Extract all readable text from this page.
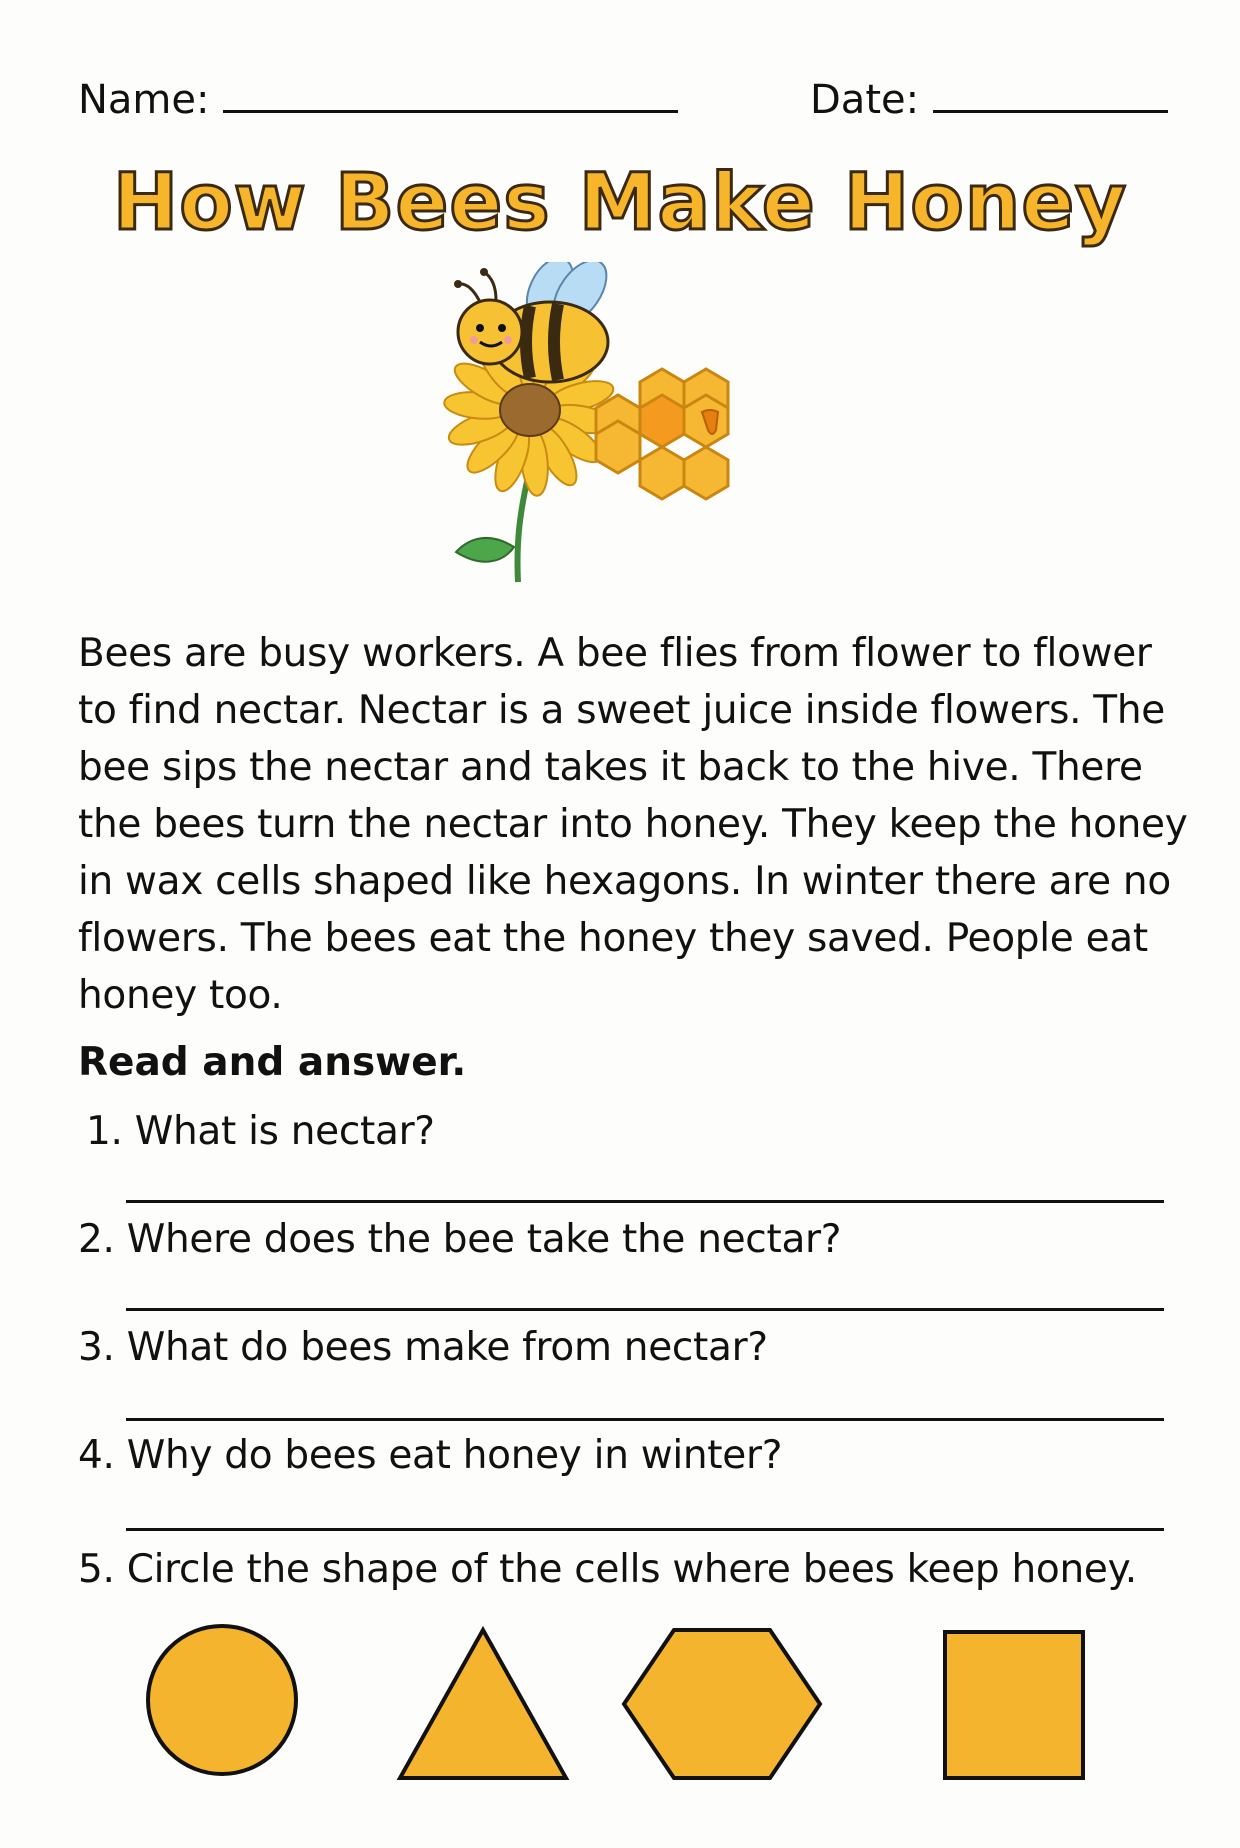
Name:	Date:
How Bees Make Honey

Bees are busy workers. A bee flies from flower to flower to find nectar. Nectar is a sweet juice inside flowers. The bee sips the nectar and takes it back to the hive. There the bees turn the nectar into honey. They keep the honey in wax cells shaped like hexagons. In winter there are no flowers. The bees eat the honey they saved. People eat honey too.

Read and answer.

1. What is nectar?

2. Where does the bee take the nectar?

3. What do bees make from nectar?

4. Why do bees eat honey in winter?

5. Circle the shape of the cells where bees keep honey.
